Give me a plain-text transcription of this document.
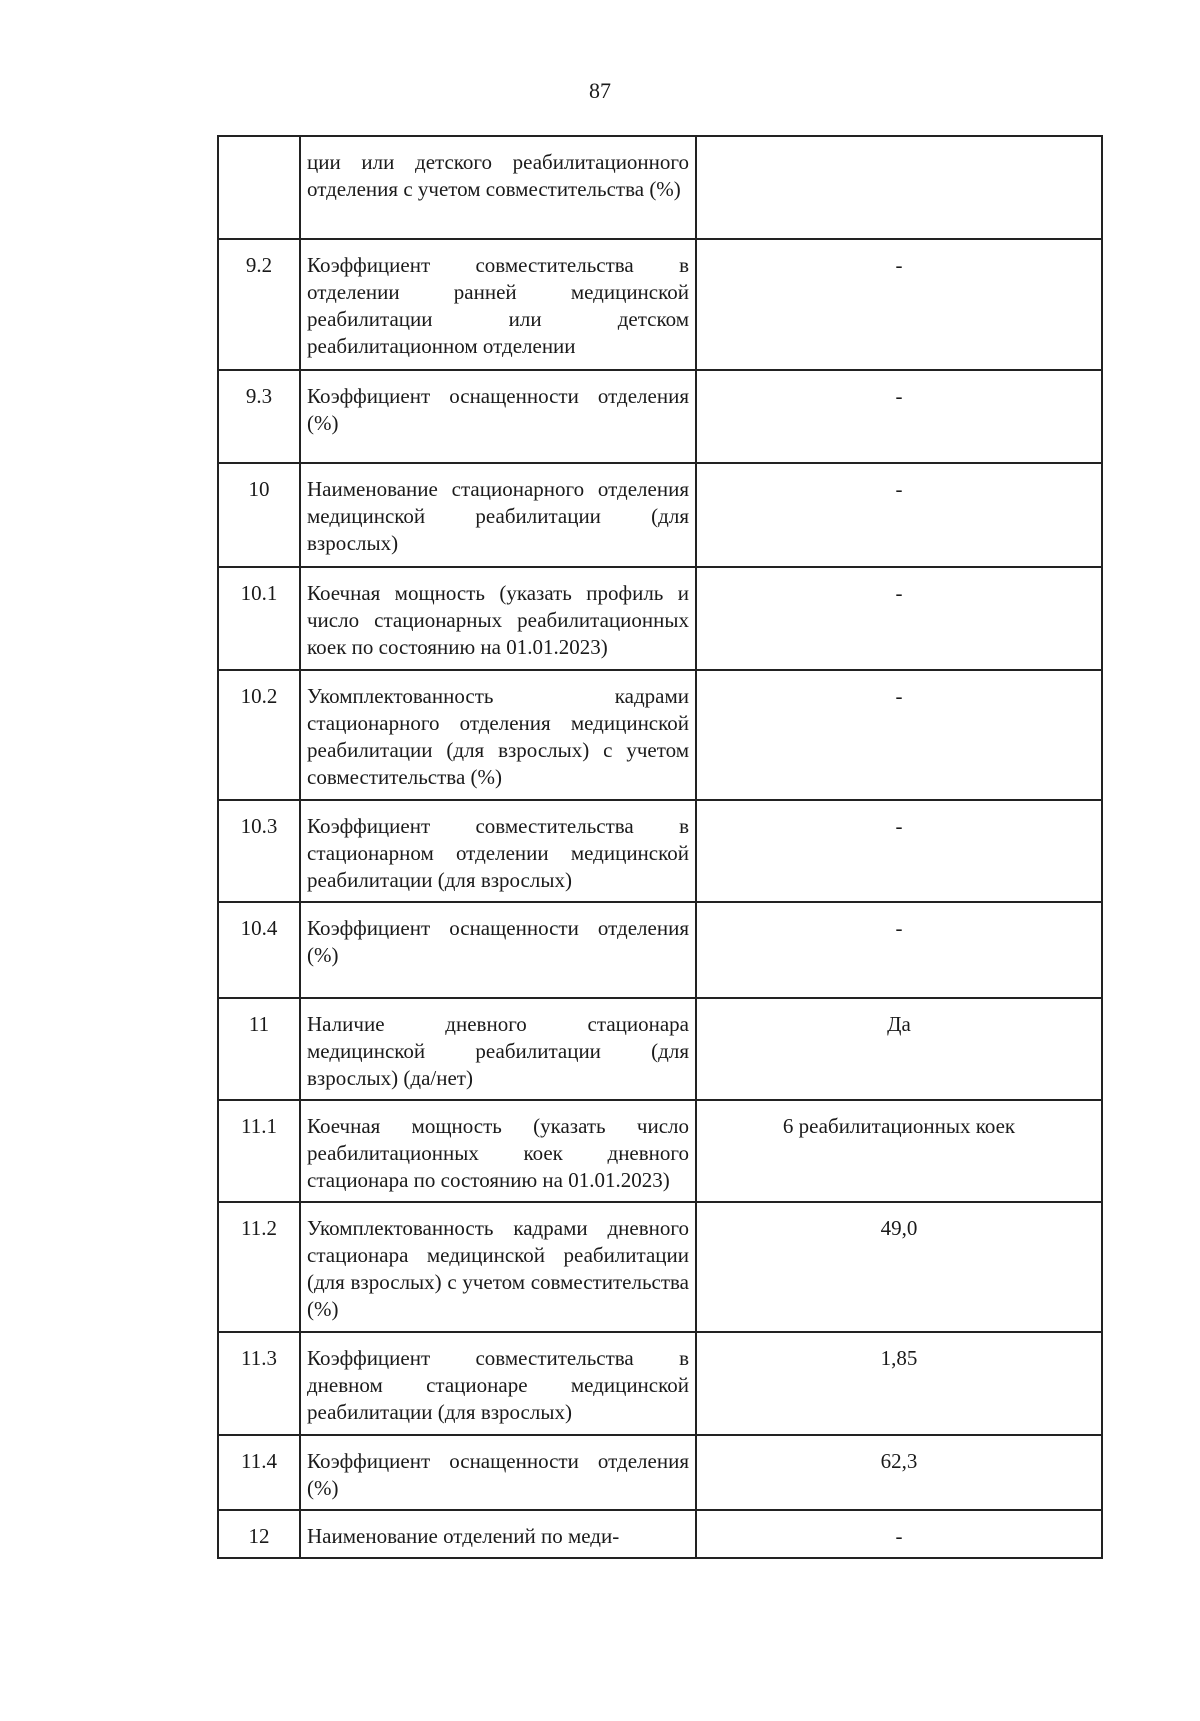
87
	ции или детского реабилитационного отделения с учетом совместительства (%)	
9.2	Коэффициент совместительства в отделении ранней медицинской реабилитации или детском реабилитационном отделении	-
9.3	Коэффициент оснащенности отделения (%)	-
10	Наименование стационарного отделения медицинской реабилитации (для взрослых)	-
10.1	Коечная мощность (указать профиль и число стационарных реабилитационных коек по состоянию на 01.01.2023)	-
10.2	Укомплектованность кадрами стационарного отделения медицинской реабилитации (для взрослых) с учетом совместительства (%)	-
10.3	Коэффициент совместительства в стационарном отделении медицинской реабилитации (для взрослых)	-
10.4	Коэффициент оснащенности отделения (%)	-
11	Наличие дневного стационара медицинской реабилитации (для взрослых) (да/нет)	Да
11.1	Коечная мощность (указать число реабилитационных коек дневного стационара по состоянию на 01.01.2023)	6 реабилитационных коек
11.2	Укомплектованность кадрами дневного стационара медицинской реабилитации (для взрослых) с учетом совместительства (%)	49,0
11.3	Коэффициент совместительства в дневном стационаре медицинской реабилитации (для взрослых)	1,85
11.4	Коэффициент оснащенности отделения (%)	62,3
12	Наименование отделений по меди-	-
